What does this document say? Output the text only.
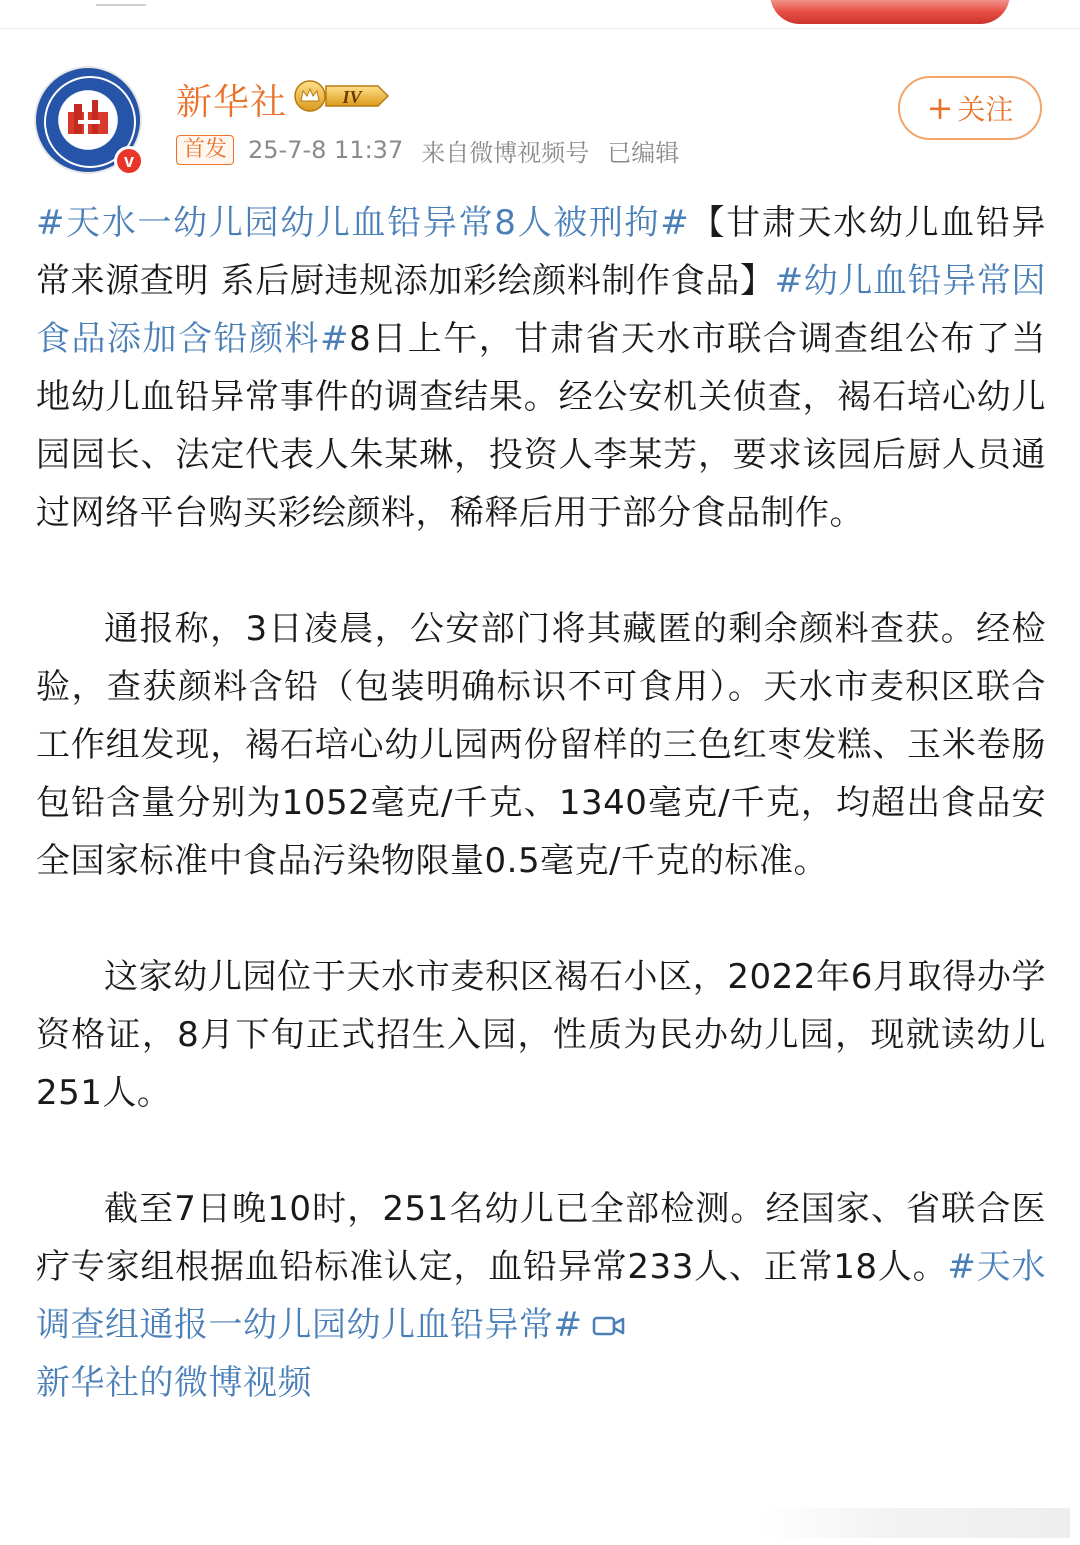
v
新华社	IV
首发 25-7-8 11:37 来自微博视频号 已编辑
+ 关注

#天水一幼儿园幼儿血铅异常8人被刑拘#【甘肃天水幼儿血铅异常来源查明 系后厨违规添加彩绘颜料制作食品】#幼儿血铅异常因食品添加含铅颜料#8日上午，甘肃省天水市联合调查组公布了当地幼儿血铅异常事件的调查结果。经公安机关侦查，褐石培心幼儿园园长、法定代表人朱某琳，投资人李某芳，要求该园后厨人员通过网络平台购买彩绘颜料，稀释后用于部分食品制作。

通报称，3日凌晨，公安部门将其藏匿的剩余颜料查获。经检验，查获颜料含铅（包装明确标识不可食用）。天水市麦积区联合工作组发现，褐石培心幼儿园两份留样的三色红枣发糕、玉米卷肠包铅含量分别为1052毫克/千克、1340毫克/千克，均超出食品安全国家标准中食品污染物限量0.5毫克/千克的标准。

这家幼儿园位于天水市麦积区褐石小区，2022年6月取得办学资格证，8月下旬正式招生入园，性质为民办幼儿园，现就读幼儿251人。

截至7日晚10时，251名幼儿已全部检测。经国家、省联合医疗专家组根据血铅标准认定，血铅异常233人、正常18人。#天水调查组通报一幼儿园幼儿血铅异常#
新华社的微博视频
